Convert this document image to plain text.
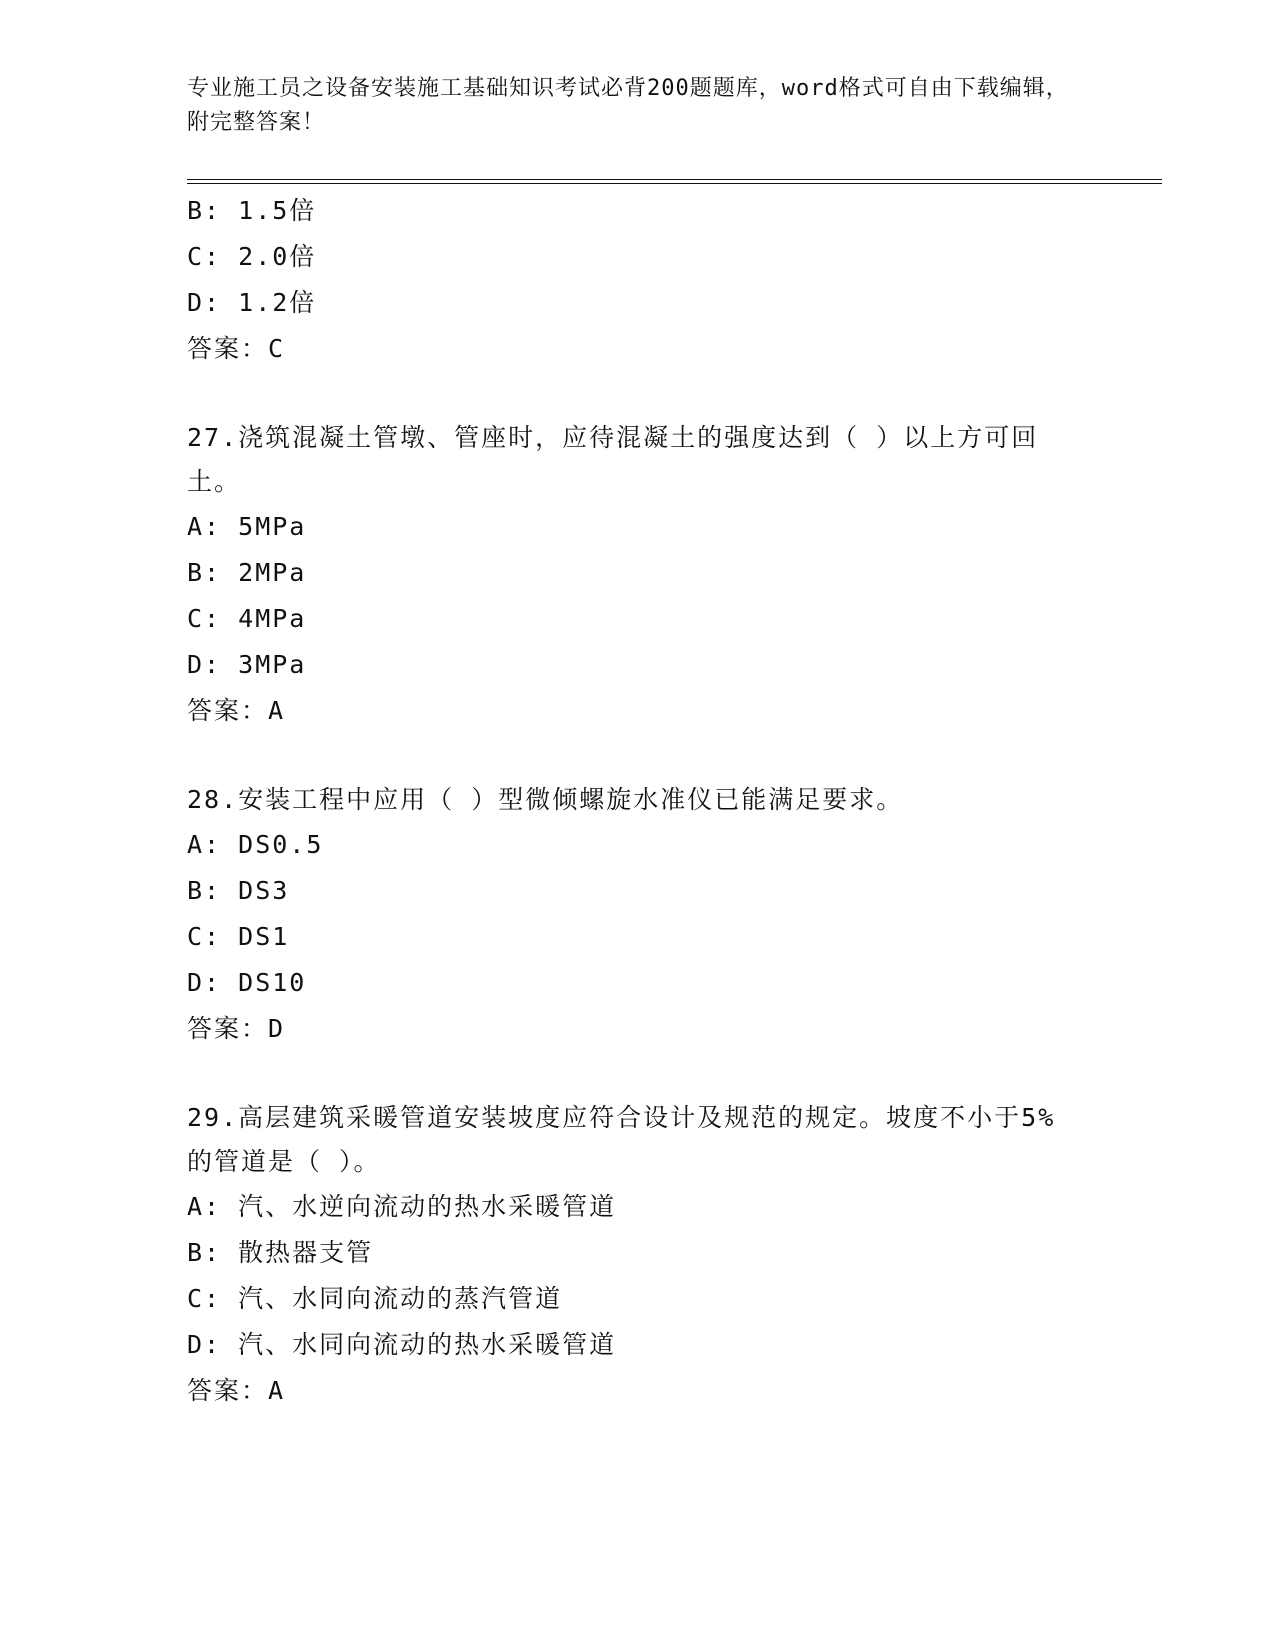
专业施工员之设备安装施工基础知识考试必背200题题库，word格式可自由下载编辑，附完整答案！

B: 1.5倍

C: 2.0倍

D: 1.2倍

答案：C

27.浇筑混凝土管墩、管座时，应待混凝土的强度达到（ ）以上方可回土。

A: 5MPa

B: 2MPa

C: 4MPa

D: 3MPa

答案：A

28.安装工程中应用（ ）型微倾螺旋水准仪已能满足要求。

A: DS0.5

B: DS3

C: DS1

D: DS10

答案：D

29.高层建筑采暖管道安装坡度应符合设计及规范的规定。坡度不小于5%的管道是（ ）。

A: 汽、水逆向流动的热水采暖管道

B: 散热器支管

C: 汽、水同向流动的蒸汽管道

D: 汽、水同向流动的热水采暖管道

答案：A
